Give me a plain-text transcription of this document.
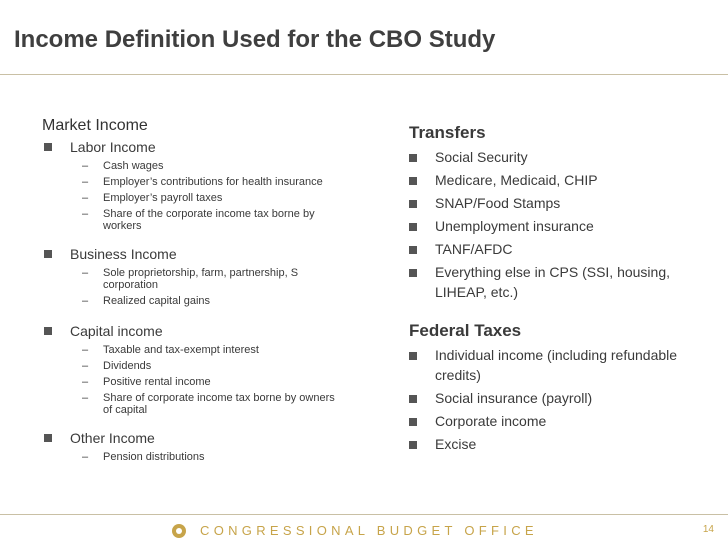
Income Definition Used for the CBO Study
Market Income
Labor Income
– Cash wages
– Employer’s contributions for health insurance
– Employer’s payroll taxes
– Share of the corporate income tax borne by workers
Business Income
– Sole proprietorship, farm, partnership, S corporation
– Realized capital gains
Capital income
– Taxable and tax-exempt interest
– Dividends
– Positive rental income
– Share of corporate income tax borne by owners of capital
Other Income
– Pension distributions
Transfers
Social Security
Medicare, Medicaid, CHIP
SNAP/Food Stamps
Unemployment insurance
TANF/AFDC
Everything else in CPS (SSI, housing, LIHEAP, etc.)
Federal Taxes
Individual income (including refundable credits)
Social insurance (payroll)
Corporate income
Excise
CONGRESSIONAL BUDGET OFFICE	14
